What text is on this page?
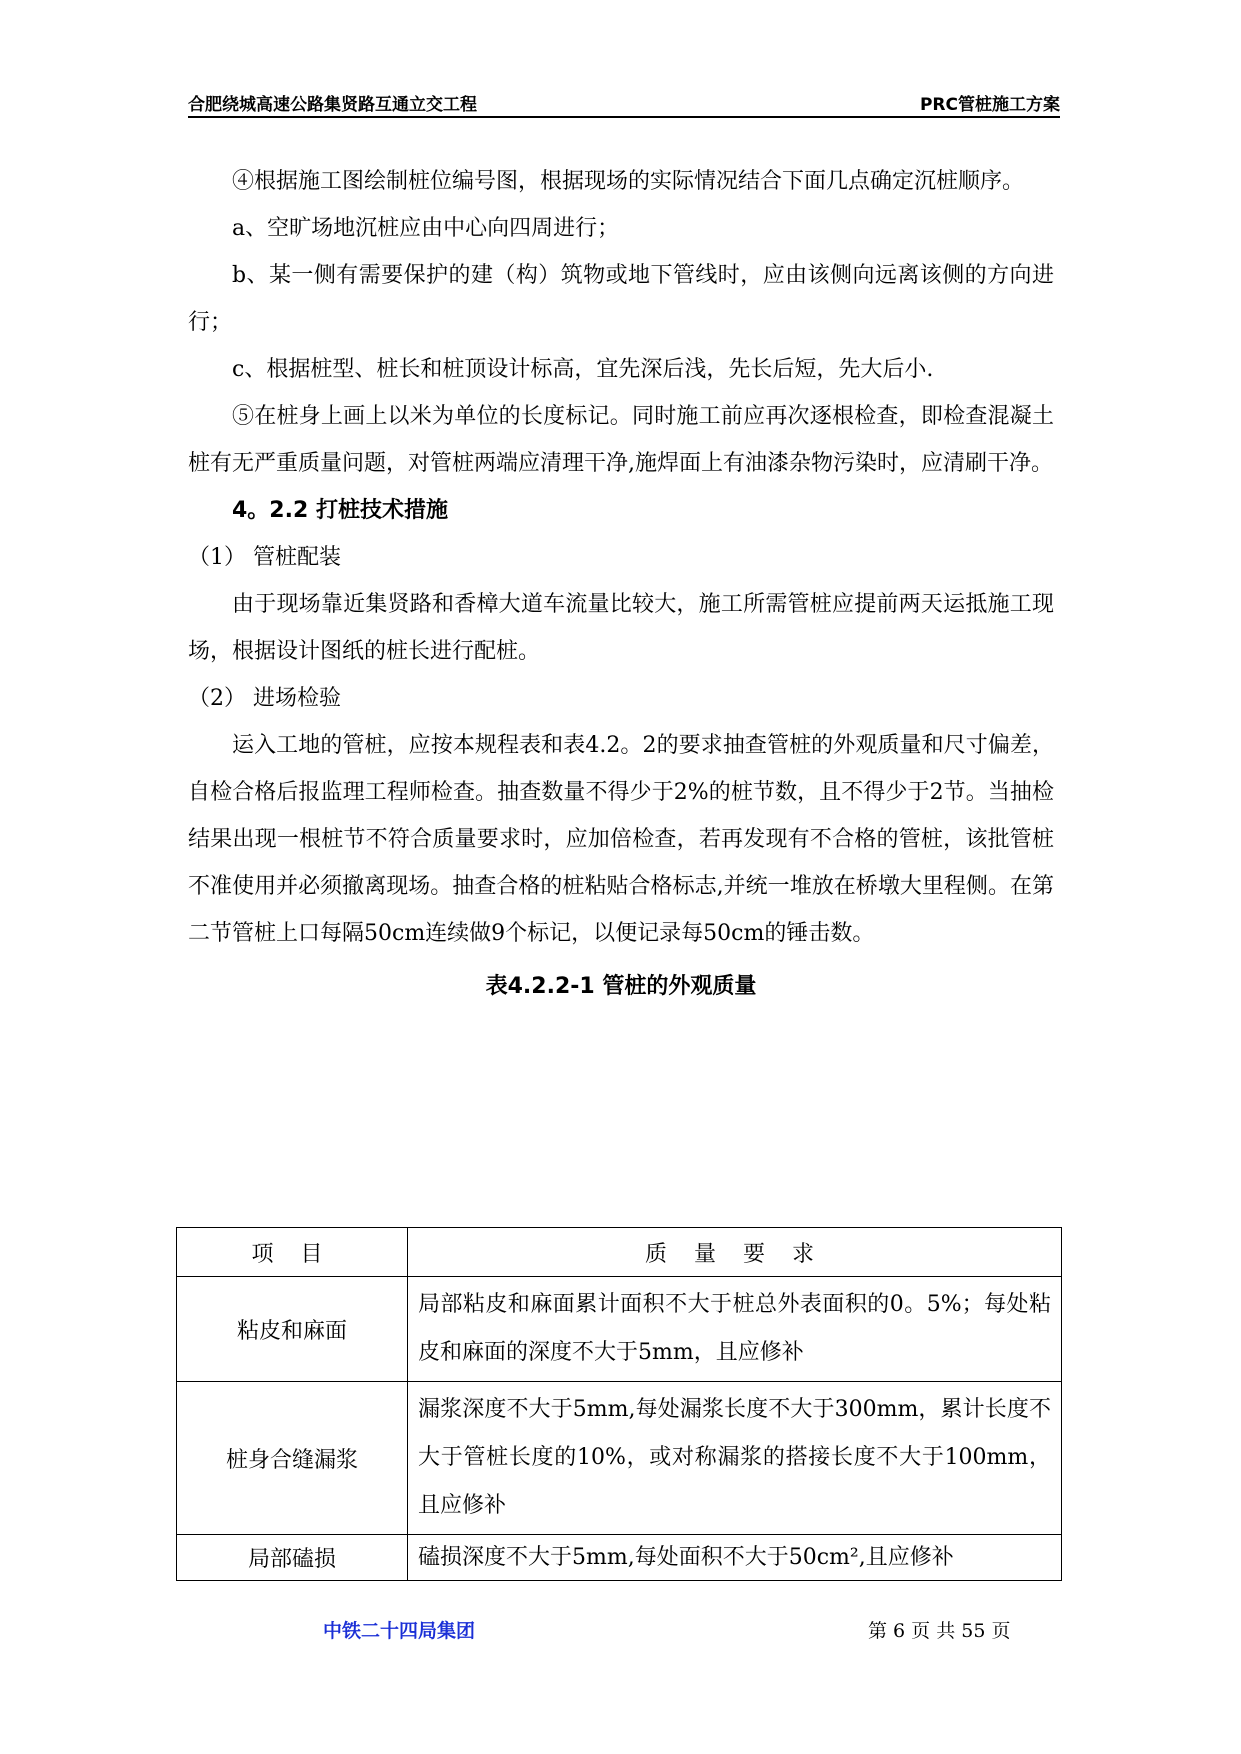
合肥绕城高速公路集贤路互通立交工程	PRC管桩施工方案

④根据施工图绘制桩位编号图，根据现场的实际情况结合下面几点确定沉桩顺序。

a、空旷场地沉桩应由中心向四周进行；

b、某一侧有需要保护的建（构）筑物或地下管线时，应由该侧向远离该侧的方向进行；

c、根据桩型、桩长和桩顶设计标高，宜先深后浅，先长后短，先大后小.

⑤在桩身上画上以米为单位的长度标记。同时施工前应再次逐根检查，即检查混凝土桩有无严重质量问题，对管桩两端应清理干净,施焊面上有油漆杂物污染时，应清刷干净。

4。2.2 打桩技术措施

（1） 管桩配装

由于现场靠近集贤路和香樟大道车流量比较大，施工所需管桩应提前两天运抵施工现场，根据设计图纸的桩长进行配桩。

（2） 进场检验

运入工地的管桩，应按本规程表和表4.2。2的要求抽查管桩的外观质量和尺寸偏差，自检合格后报监理工程师检查。抽查数量不得少于2%的桩节数，且不得少于2节。当抽检结果出现一根桩节不符合质量要求时，应加倍检查，若再发现有不合格的管桩，该批管桩不准使用并必须撤离现场。抽查合格的桩粘贴合格标志,并统一堆放在桥墩大里程侧。在第二节管桩上口每隔50cm连续做9个标记，以便记录每50cm的锤击数。

表4.2.2-1 管桩的外观质量

项 目	质 量 要 求
粘皮和麻面	局部粘皮和麻面累计面积不大于桩总外表面积的0。5%；每处粘皮和麻面的深度不大于5mm，且应修补
桩身合缝漏浆	漏浆深度不大于5mm,每处漏浆长度不大于300mm，累计长度不大于管桩长度的10%，或对称漏浆的搭接长度不大于100mm，且应修补
局部磕损	磕损深度不大于5mm,每处面积不大于50cm²,且应修补
中铁二十四局集团	第 6 页 共 55 页
